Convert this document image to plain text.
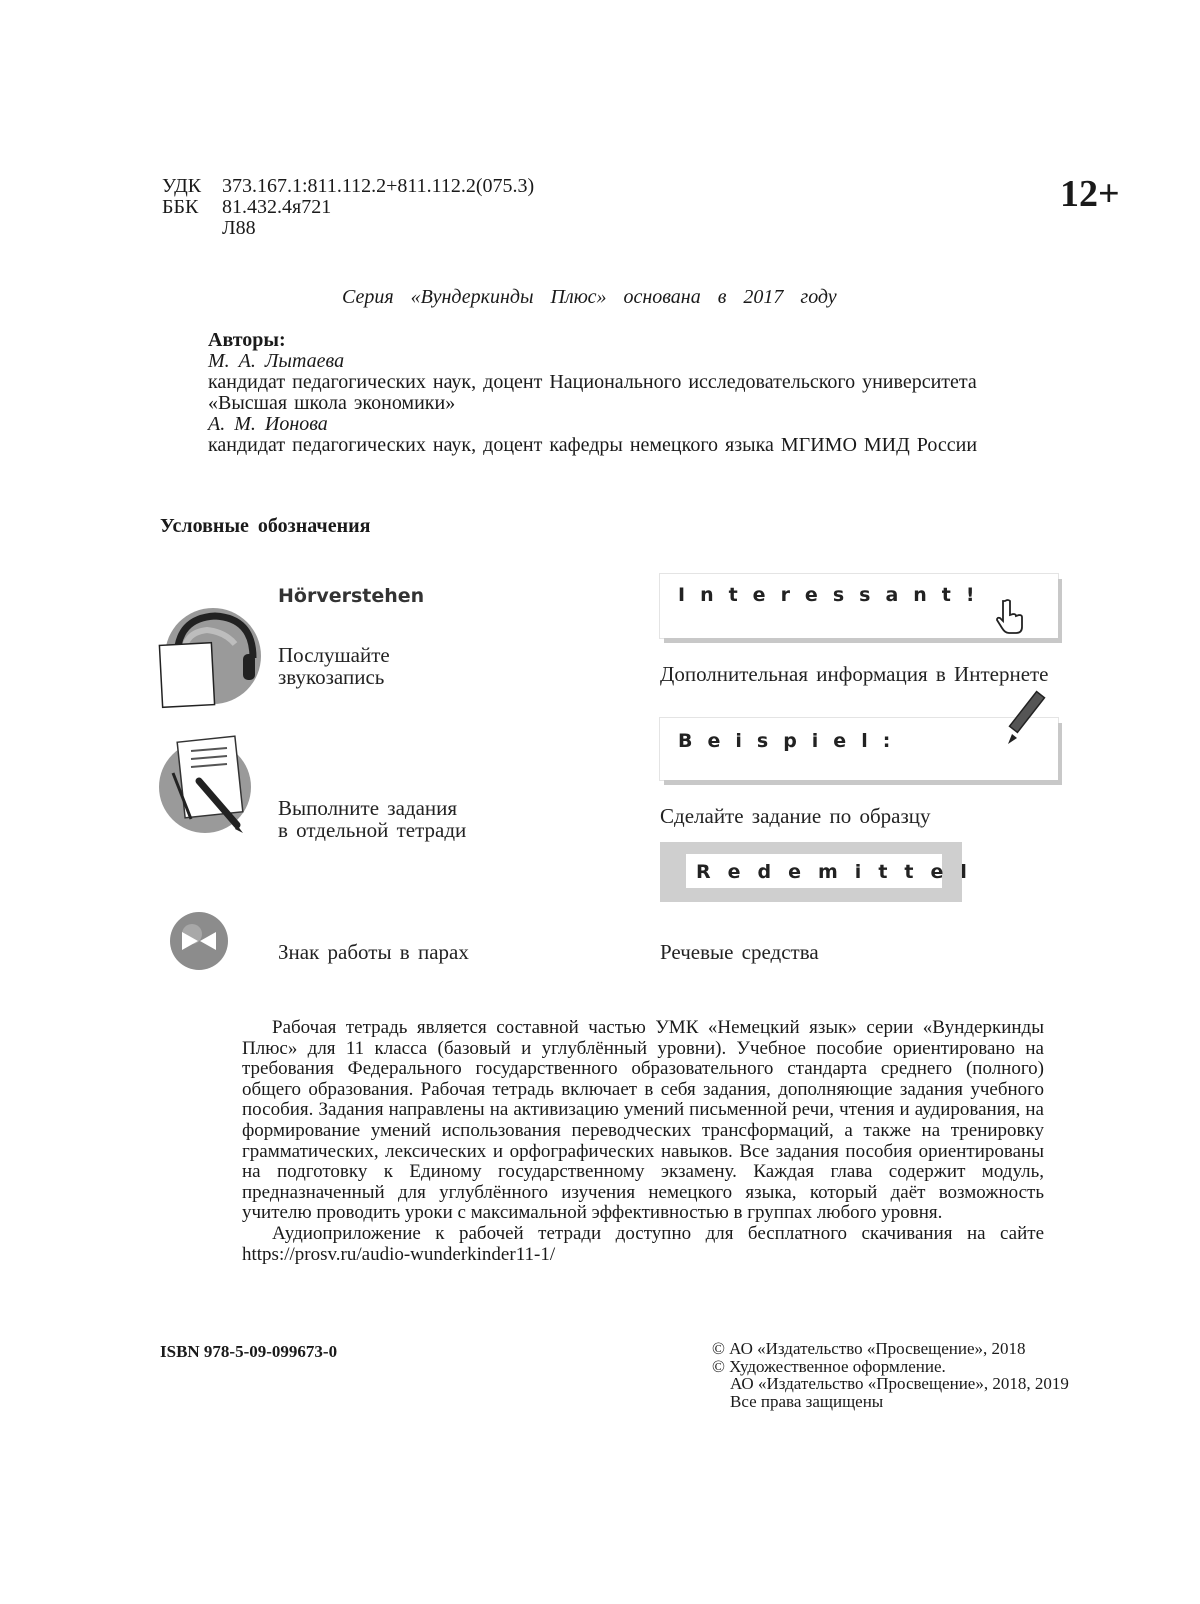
УДК	373.167.1:811.112.2+811.112.2(075.3)
ББК	81.432.4я721
Л88
12+
Серия «Вундеркинды Плюс» основана в 2017 году
Авторы:
М. А. Лытаева
кандидат педагогических наук, доцент Национального исследовательского университета
«Высшая школа экономики»
А. М. Ионова
кандидат педагогических наук, доцент кафедры немецкого языка МГИМО МИД России
Условные обозначения
Hörverstehen
Послушайте
звукозапись
Выполните задания
в отдельной тетради
Знак работы в парах
Interessant!
Дополнительная информация в Интернете
Beispiel:
Сделайте задание по образцу
Redemittel
Речевые средства

Рабочая тетрадь является составной частью УМК «Немецкий язык» серии «Вундеркинды Плюс» для 11 класса (базовый и углублённый уровни). Учебное пособие ориентировано на требования Федерального государственного образовательного стандарта среднего (полного) общего образования. Рабочая тетрадь включает в себя задания, дополняющие задания учебного пособия. Задания направлены на активизацию умений письменной речи, чтения и аудирования, на формирование умений использования переводческих трансформаций, а также на тренировку грамматических, лексических и орфографических навыков. Все задания пособия ориентированы на подготовку к Единому государственному экзамену. Каждая глава содержит модуль, предназначенный для углублённого изучения немецкого языка, который даёт возможность учителю проводить уроки с максимальной эффективностью в группах любого уровня.

Аудиоприложение к рабочей тетради доступно для бесплатного скачивания на сайте https://prosv.ru/audio-wunderkinder11-1/

ISBN 978-5-09-099673-0	© АО «Издательство «Просвещение», 2018
© Художественное оформление.
АО «Издательство «Просвещение», 2018, 2019
Все права защищены
